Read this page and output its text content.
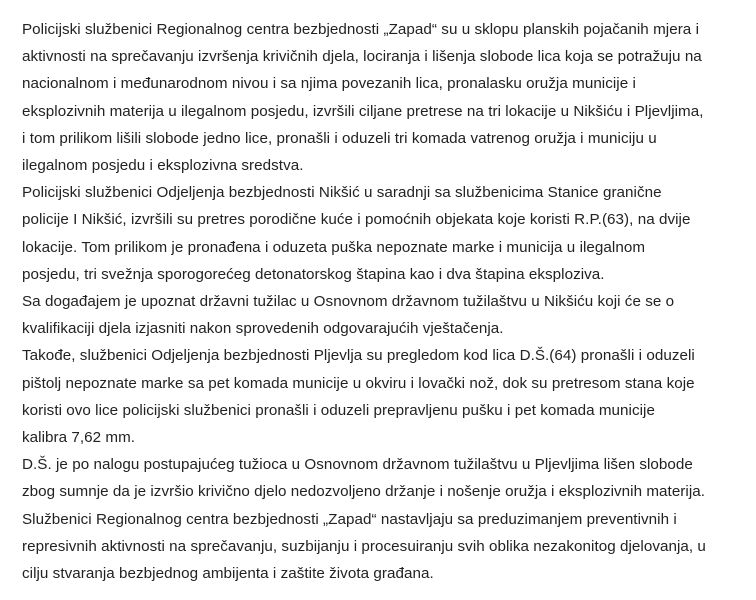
Policijski službenici Regionalnog centra bezbjednosti „Zapad“ su u sklopu planskih pojačanih mjera i
aktivnosti na sprečavanju izvršenja krivičnih djela, lociranja i lišenja slobode lica koja se potražuju na
nacionalnom i međunarodnom nivou i sa njima povezanih lica, pronalasku oružja municije i
eksplozivnih materija u ilegalnom posjedu, izvršili ciljane pretrese na tri lokacije u Nikšiću i Pljevljima,
i tom prilikom lišili slobode jedno lice, pronašli i oduzeli tri komada vatrenog oružja i municiju u
ilegalnom posjedu i eksplozivna sredstva.

Policijski službenici Odjeljenja bezbjednosti Nikšić u saradnji sa službenicima Stanice granične
policije I Nikšić, izvršili su pretres porodične kuće i pomoćnih objekata koje koristi R.P.(63), na dvije
lokacije. Tom prilikom je pronađena i oduzeta puška nepoznate marke i municija u ilegalnom
posjedu, tri svežnja sporogorećeg detonatorskog štapina kao i dva štapina eksploziva.

Sa događajem je upoznat državni tužilac u Osnovnom državnom tužilaštvu u Nikšiću koji će se o
kvalifikaciji djela izjasniti nakon sprovedenih odgovarajućih vještačenja.

Takođe, službenici Odjeljenja bezbjednosti Pljevlja su pregledom kod lica D.Š.(64) pronašli i oduzeli
pištolj nepoznate marke sa pet komada municije u okviru i lovački nož, dok su pretresom stana koje
koristi ovo lice policijski službenici pronašli i oduzeli prepravljenu pušku i pet komada municije
kalibra 7,62 mm.

D.Š. je po nalogu postupajućeg tužioca u Osnovnom državnom tužilaštvu u Pljevljima lišen slobode
zbog sumnje da je izvršio krivično djelo nedozvoljeno držanje i nošenje oružja i eksplozivnih materija.

Službenici Regionalnog centra bezbjednosti „Zapad“ nastavljaju sa preduzimanjem preventivnih i
represivnih aktivnosti na sprečavanju, suzbijanju i procesuiranju svih oblika nezakonitog djelovanja, u
cilju stvaranja bezbjednog ambijenta i zaštite života građana.
